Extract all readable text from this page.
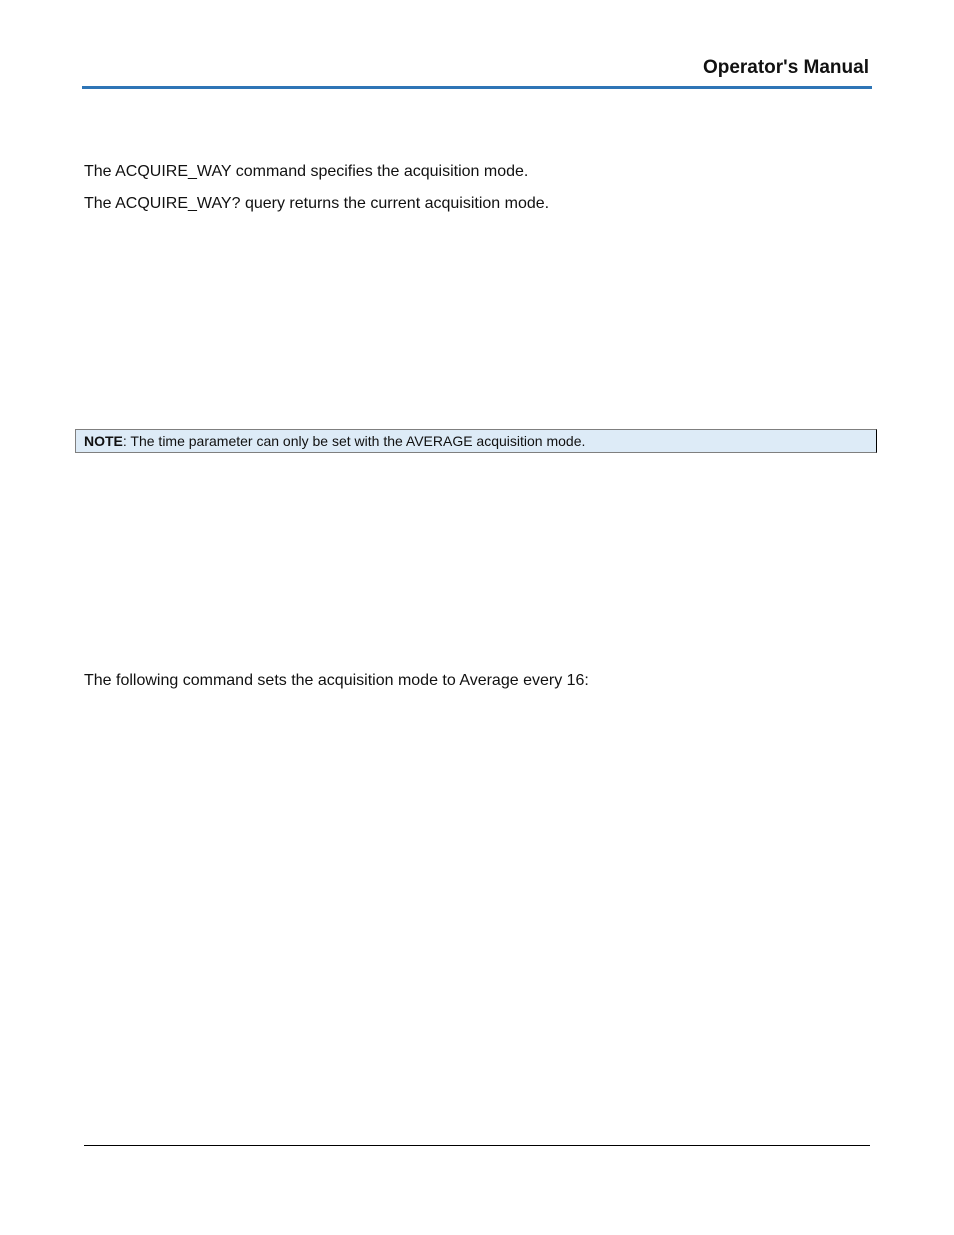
Operator's Manual
The ACQUIRE_WAY command specifies the acquisition mode.
The ACQUIRE_WAY? query returns the current acquisition mode.
NOTE: The time parameter can only be set with the AVERAGE acquisition mode.
The following command sets the acquisition mode to Average every 16:
